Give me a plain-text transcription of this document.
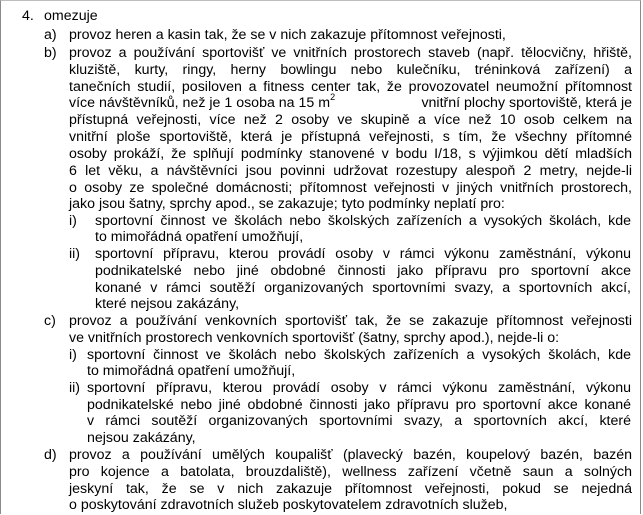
4. omezuje
a) provoz heren a kasin tak, že se v nich zakazuje přítomnost veřejnosti,
b) provoz a používání sportovišť ve vnitřních prostorech staveb (např. tělocvičny, hřiště,
kluziště, kurty, ringy, herny bowlingu nebo kulečníku, tréninková zařízení) a
tanečních studií, posiloven a fitness center tak, že provozovatel neumožní přítomnost
více návštěvníků, než je 1 osoba na 15 $m^2$	vnitřní plochy sportoviště, která je
přístupná veřejnosti, více než 2 osoby ve skupině a více než 10 osob celkem na
vnitřní ploše sportoviště, která je přístupná veřejnosti, s tím, že všechny přítomné
osoby prokáží, že splňují podmínky stanovené v bodu I/18, s výjimkou dětí mladších
6 let věku, a návštěvníci jsou povinni udržovat rozestupy alespoň 2 metry, nejde-li
o osoby ze společné domácnosti; přítomnost veřejnosti v jiných vnitřních prostorech,
jako jsou šatny, sprchy apod., se zakazuje; tyto podmínky neplatí pro:
i) sportovní činnost ve školách nebo školských zařízeních a vysokých školách, kde
to mimořádná opatření umožňují,
ii) sportovní přípravu, kterou provádí osoby v rámci výkonu zaměstnání, výkonu
podnikatelské nebo jiné obdobné činnosti jako přípravu pro sportovní akce
konané v rámci soutěží organizovaných sportovními svazy, a sportovních akcí,
které nejsou zakázány,
c) provoz a používání venkovních sportovišť tak, že se zakazuje přítomnost veřejnosti
ve vnitřních prostorech venkovních sportovišť (šatny, sprchy apod.), nejde-li o:
i) sportovní činnost ve školách nebo školských zařízeních a vysokých školách, kde
to mimořádná opatření umožňují,
ii) sportovní přípravu, kterou provádí osoby v rámci výkonu zaměstnání, výkonu
podnikatelské nebo jiné obdobné činnosti jako přípravu pro sportovní akce konané
v rámci soutěží organizovaných sportovními svazy, a sportovních akcí, které
nejsou zakázány,
d) provoz a používání umělých koupališť (plavecký bazén, koupelový bazén, bazén
pro kojence a batolata, brouzdaliště), wellness zařízení včetně saun a solných
jeskyní tak, že se v nich zakazuje přítomnost veřejnosti, pokud se nejedná
o poskytování zdravotních služeb poskytovatelem zdravotních služeb,
